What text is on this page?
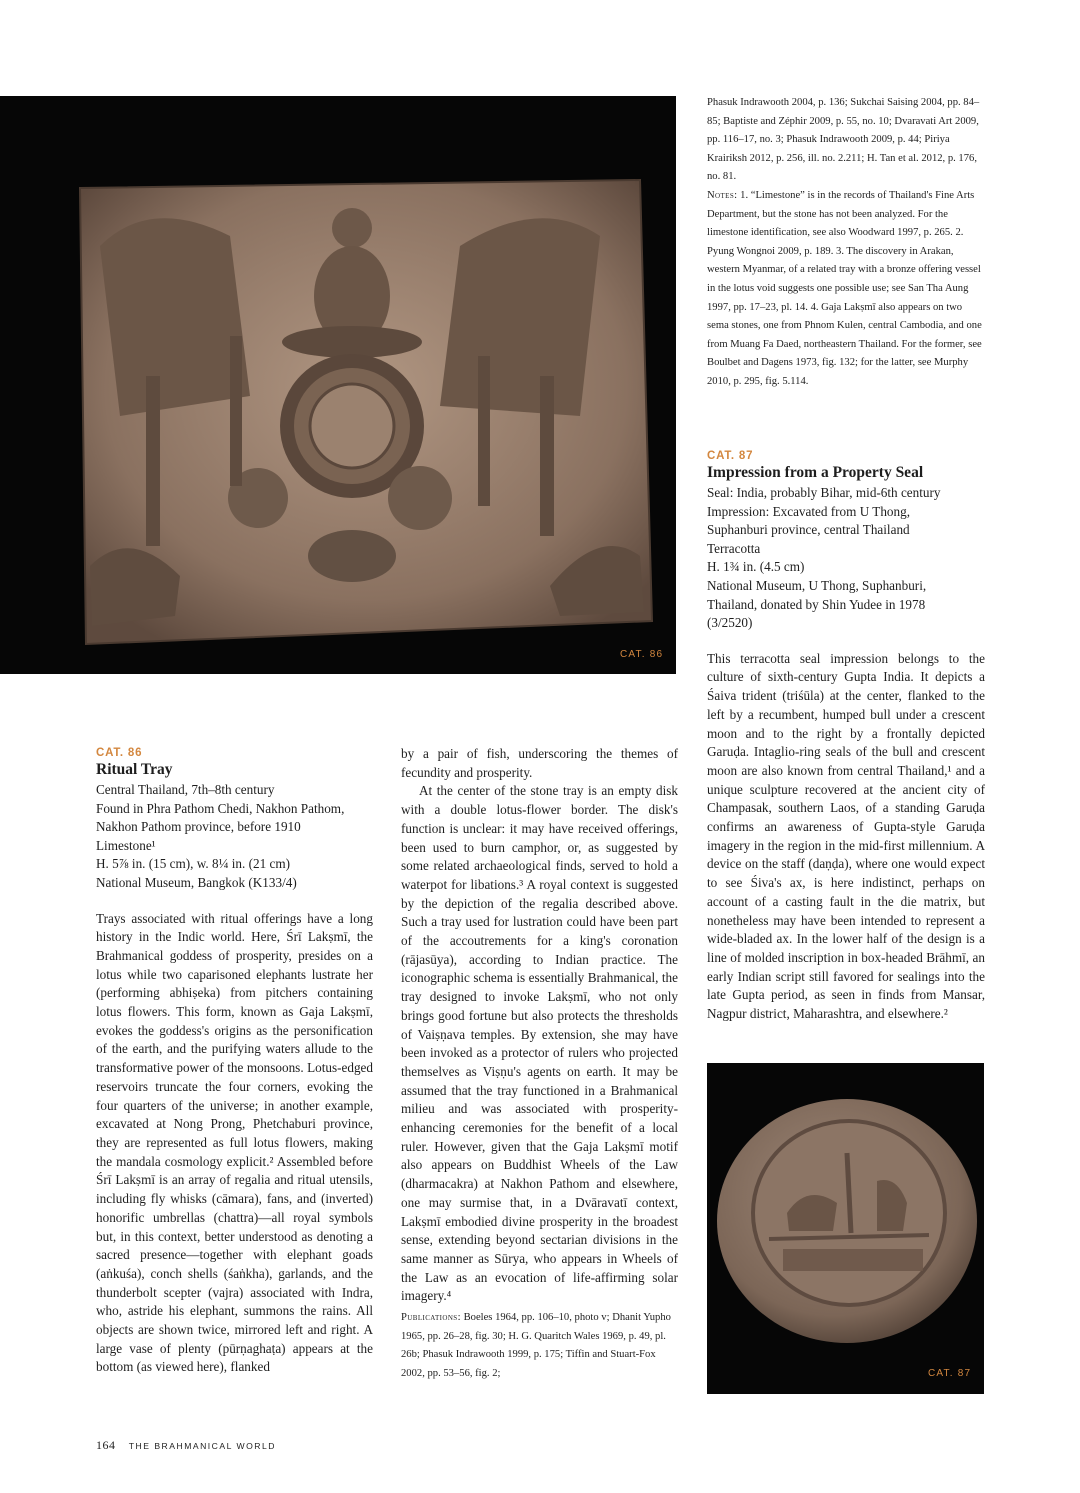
CAT. 86
CAT. 87
CAT. 86
Ritual Tray
Central Thailand, 7th–8th century
Found in Phra Pathom Chedi, Nakhon Pathom,
Nakhon Pathom province, before 1910
Limestone¹
H. 5⅞ in. (15 cm), w. 8¼ in. (21 cm)
National Museum, Bangkok (K133/4)

Trays associated with ritual offerings have a long history in the Indic world. Here, Śrī Lakṣmī, the Brahmanical goddess of prosperity, presides on a lotus while two caparisoned elephants lustrate her (performing abhiṣeka) from pitchers containing lotus flowers. This form, known as Gaja Lakṣmī, evokes the goddess's origins as the personification of the earth, and the purifying waters allude to the transformative power of the monsoons. Lotus-edged reservoirs truncate the four corners, evoking the four quarters of the universe; in another example, excavated at Nong Prong, Phetchaburi province, they are represented as full lotus flowers, making the mandala cosmology explicit.² Assembled before Śrī Lakṣmī is an array of regalia and ritual utensils, including fly whisks (cāmara), fans, and (inverted) honorific umbrellas (chattra)—all royal symbols but, in this context, better understood as denoting a sacred presence—together with elephant goads (aṅkuśa), conch shells (śaṅkha), garlands, and the thunderbolt scepter (vajra) associated with Indra, who, astride his elephant, summons the rains. All objects are shown twice, mirrored left and right. A large vase of plenty (pūrṇaghaṭa) appears at the bottom (as viewed here), flanked

by a pair of fish, underscoring the themes of fecundity and prosperity.

At the center of the stone tray is an empty disk with a double lotus-flower border. The disk's function is unclear: it may have received offerings, been used to burn camphor, or, as suggested by some related archaeological finds, served to hold a waterpot for libations.³ A royal context is suggested by the depiction of the regalia described above. Such a tray used for lustration could have been part of the accoutrements for a king's coronation (rājasūya), according to Indian practice. The iconographic schema is essentially Brahmanical, the tray designed to invoke Lakṣmī, who not only brings good fortune but also protects the thresholds of Vaiṣṇava temples. By extension, she may have been invoked as a protector of rulers who projected themselves as Viṣṇu's agents on earth. It may be assumed that the tray functioned in a Brahmanical milieu and was associated with prosperity-enhancing ceremonies for the benefit of a local ruler. However, given that the Gaja Lakṣmī motif also appears on Buddhist Wheels of the Law (dharmacakra) at Nakhon Pathom and elsewhere, one may surmise that, in a Dvāravatī context, Lakṣmī embodied divine prosperity in the broadest sense, extending beyond sectarian divisions in the same manner as Sūrya, who appears in Wheels of the Law as an evocation of life-affirming solar imagery.⁴

Publications: Boeles 1964, pp. 106–10, photo v; Dhanit Yupho 1965, pp. 26–28, fig. 30; H. G. Quaritch Wales 1969, p. 49, pl. 26b; Phasuk Indrawooth 1999, p. 175; Tiffin and Stuart-Fox 2002, pp. 53–56, fig. 2;

Phasuk Indrawooth 2004, p. 136; Sukchai Saising 2004, pp. 84–85; Baptiste and Zéphir 2009, p. 55, no. 10; Dvaravati Art 2009, pp. 116–17, no. 3; Phasuk Indrawooth 2009, p. 44; Piriya Krairiksh 2012, p. 256, ill. no. 2.211; H. Tan et al. 2012, p. 176, no. 81.

Notes: 1. “Limestone” is in the records of Thailand's Fine Arts Department, but the stone has not been analyzed. For the limestone identification, see also Woodward 1997, p. 265. 2. Pyung Wongnoi 2009, p. 189. 3. The discovery in Arakan, western Myanmar, of a related tray with a bronze offering vessel in the lotus void suggests one possible use; see San Tha Aung 1997, pp. 17–23, pl. 14. 4. Gaja Lakṣmī also appears on two sema stones, one from Phnom Kulen, central Cambodia, and one from Muang Fa Daed, northeastern Thailand. For the former, see Boulbet and Dagens 1973, fig. 132; for the latter, see Murphy 2010, p. 295, fig. 5.114.

CAT. 87
Impression from a Property Seal
Seal: India, probably Bihar, mid-6th century
Impression: Excavated from U Thong,
Suphanburi province, central Thailand
Terracotta
H. 1¾ in. (4.5 cm)
National Museum, U Thong, Suphanburi,
Thailand, donated by Shin Yudee in 1978
(3/2520)

This terracotta seal impression belongs to the culture of sixth-century Gupta India. It depicts a Śaiva trident (triśūla) at the center, flanked to the left by a recumbent, humped bull under a crescent moon and to the right by a frontally depicted Garuḍa. Intaglio-ring seals of the bull and crescent moon are also known from central Thailand,¹ and a unique sculpture recovered at the ancient city of Champasak, southern Laos, of a standing Garuḍa confirms an awareness of Gupta-style Garuḍa imagery in the region in the mid-first millennium. A device on the staff (daṇḍa), where one would expect to see Śiva's ax, is here indistinct, perhaps on account of a casting fault in the die matrix, but nonetheless may have been intended to represent a wide-bladed ax. In the lower half of the design is a line of molded inscription in box-headed Brāhmī, an early Indian script still favored for sealings into the late Gupta period, as seen in finds from Mansar, Nagpur district, Maharashtra, and elsewhere.²

164 THE BRAHMANICAL WORLD
